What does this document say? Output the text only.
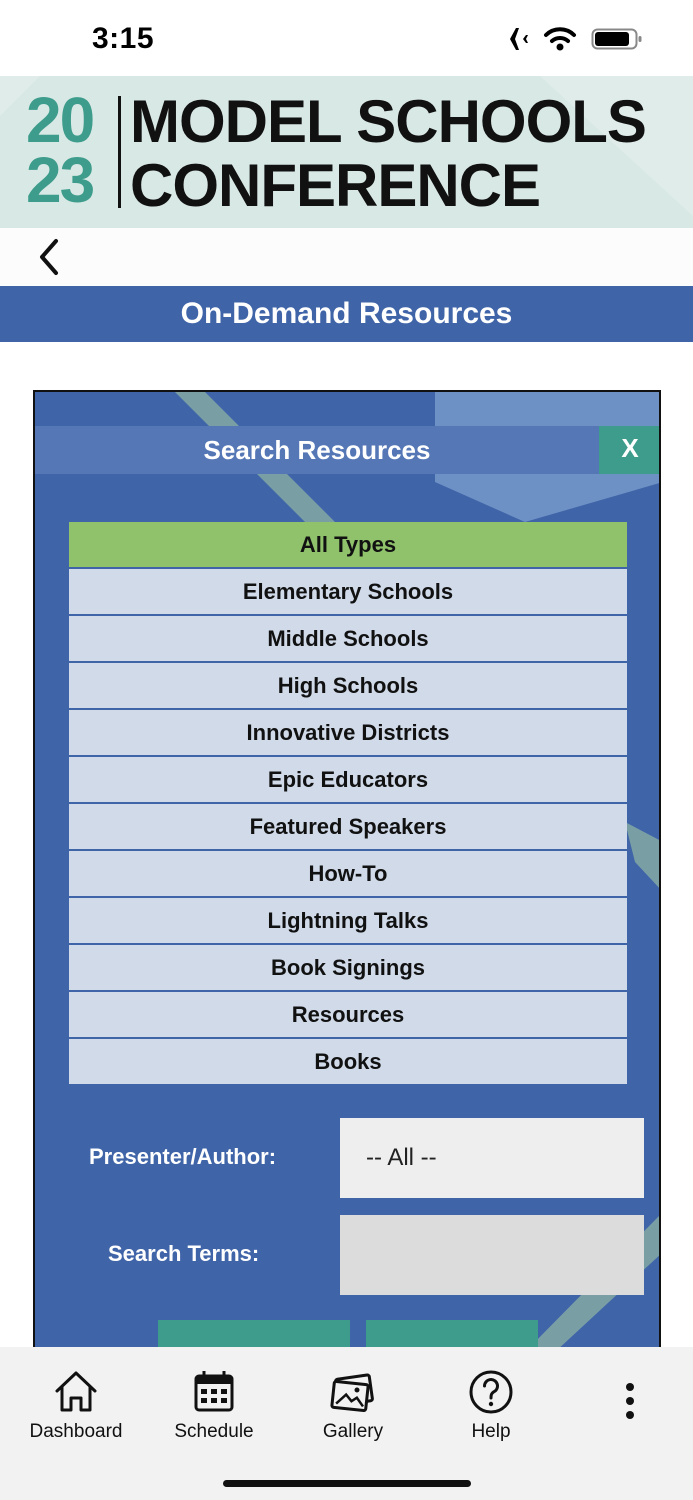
3:15
20
23
MODEL SCHOOLS
CONFERENCE
On-Demand Resources
Search Resources	X
All Types
Elementary Schools
Middle Schools
High Schools
Innovative Districts
Epic Educators
Featured Speakers
How-To
Lightning Talks
Book Signings
Resources
Books
Presenter/Author:	-- All --
Search Terms:
Dashboard	Schedule	Gallery	Help
